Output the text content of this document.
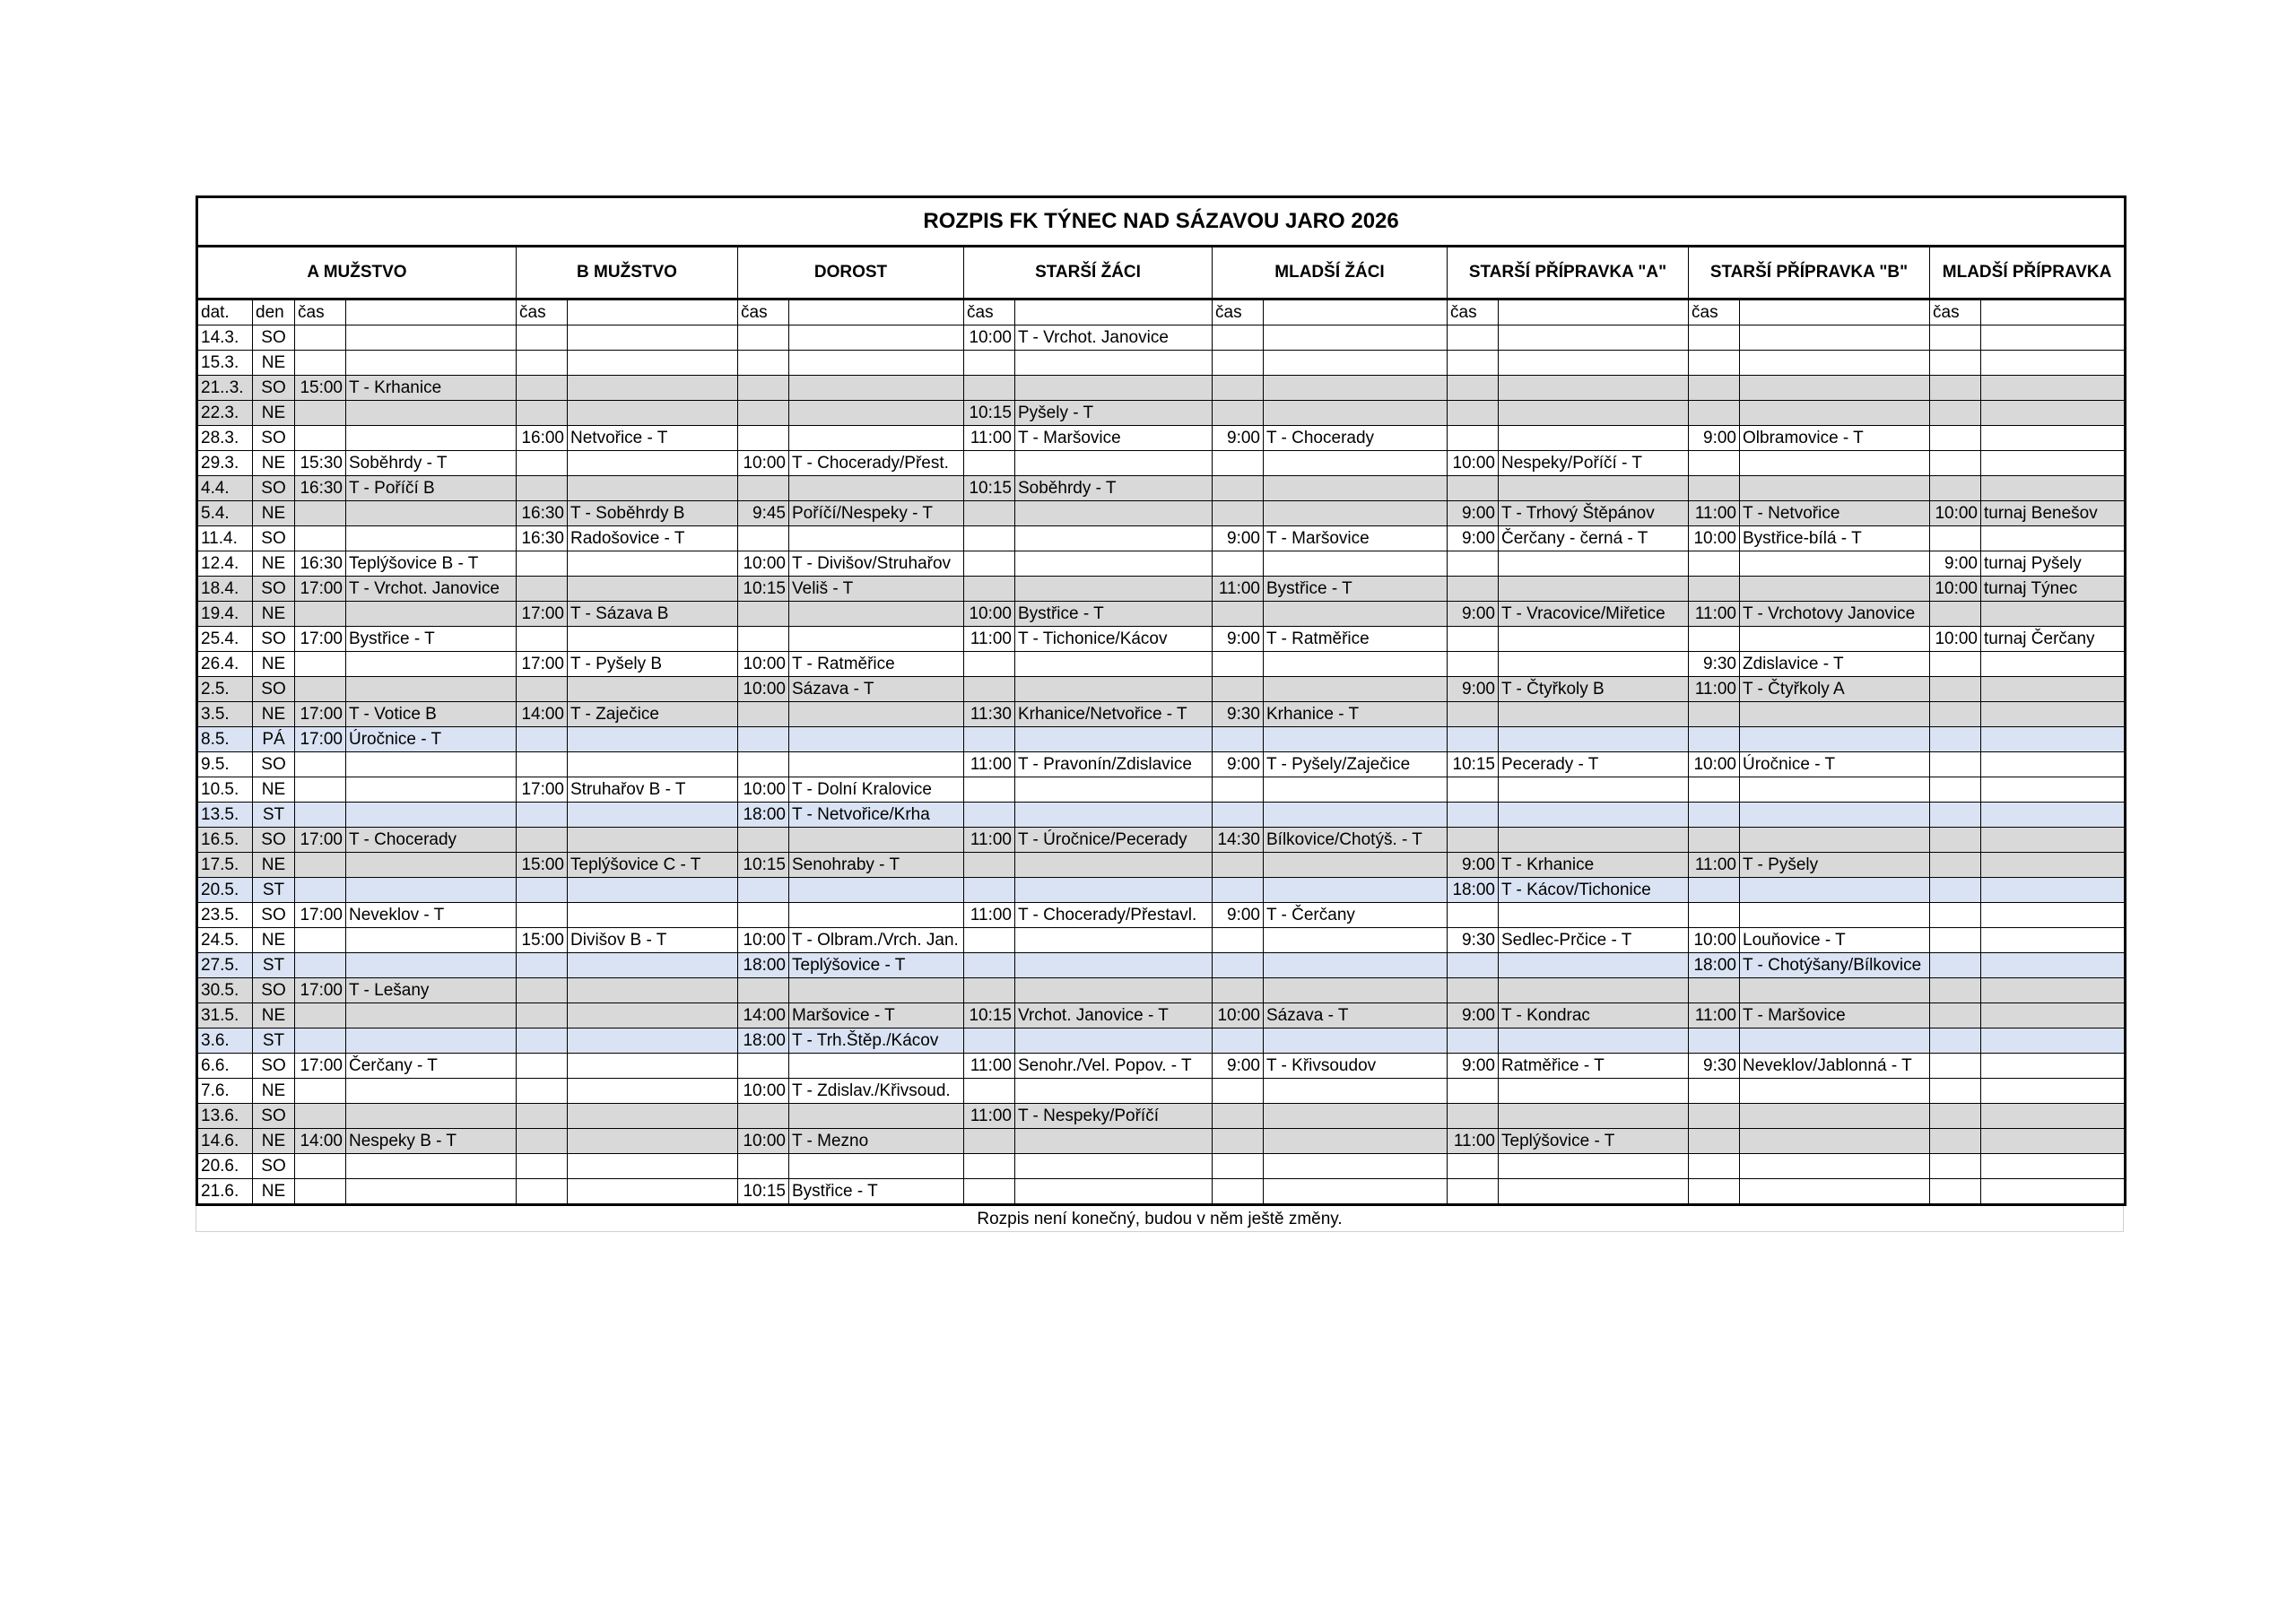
ROZPIS FK TÝNEC NAD SÁZAVOU JARO 2026																	
A MUŽSTVO				B MUŽSTVO		DOROST		STARŠÍ ŽÁCI		MLADŠÍ ŽÁCI		STARŠÍ PŘÍPRAVKA "A"		STARŠÍ PŘÍPRAVKA "B"		MLADŠÍ PŘÍPRAVKA	
dat.	den	čas		čas		čas		čas		čas		čas		čas		čas	
14.3.	SO							10:00	T - Vrchot. Janovice								
15.3.	NE																
21..3.	SO	15:00	T - Krhanice														
22.3.	NE							10:15	Pyšely - T								
28.3.	SO			16:00	Netvořice - T			11:00	T - Maršovice	9:00	T - Chocerady			9:00	Olbramovice - T		
29.3.	NE	15:30	Soběhrdy - T			10:00	T - Chocerady/Přest.					10:00	Nespeky/Poříčí - T				
4.4.	SO	16:30	T - Poříčí B					10:15	Soběhrdy - T								
5.4.	NE			16:30	T - Soběhrdy B	9:45	Poříčí/Nespeky - T					9:00	T - Trhový Štěpánov	11:00	T - Netvořice	10:00	turnaj Benešov
11.4.	SO			16:30	Radošovice - T					9:00	T - Maršovice	9:00	Čerčany - černá - T	10:00	Bystřice-bílá - T		
12.4.	NE	16:30	Teplýšovice B - T			10:00	T - Divišov/Struhařov									9:00	turnaj Pyšely
18.4.	SO	17:00	T - Vrchot. Janovice			10:15	Veliš - T			11:00	Bystřice - T					10:00	turnaj Týnec
19.4.	NE			17:00	T - Sázava B			10:00	Bystřice - T			9:00	T - Vracovice/Miřetice	11:00	T - Vrchotovy Janovice		
25.4.	SO	17:00	Bystřice - T					11:00	T - Tichonice/Kácov	9:00	T - Ratměřice					10:00	turnaj Čerčany
26.4.	NE			17:00	T - Pyšely B	10:00	T - Ratměřice							9:30	Zdislavice - T		
2.5.	SO					10:00	Sázava - T					9:00	T - Čtyřkoly B	11:00	T - Čtyřkoly A		
3.5.	NE	17:00	T - Votice B	14:00	T - Zaječice			11:30	Krhanice/Netvořice - T	9:30	Krhanice - T						
8.5.	PÁ	17:00	Úročnice - T														
9.5.	SO							11:00	T - Pravonín/Zdislavice	9:00	T - Pyšely/Zaječice	10:15	Pecerady - T	10:00	Úročnice - T		
10.5.	NE			17:00	Struhařov B - T	10:00	T - Dolní Kralovice										
13.5.	ST					18:00	T - Netvořice/Krha										
16.5.	SO	17:00	T - Chocerady					11:00	T - Úročnice/Pecerady	14:30	Bílkovice/Chotýš. - T						
17.5.	NE			15:00	Teplýšovice C - T	10:15	Senohraby - T					9:00	T - Krhanice	11:00	T - Pyšely		
20.5.	ST											18:00	T - Kácov/Tichonice				
23.5.	SO	17:00	Neveklov - T					11:00	T - Chocerady/Přestavl.	9:00	T - Čerčany						
24.5.	NE			15:00	Divišov B - T	10:00	T - Olbram./Vrch. Jan.					9:30	Sedlec-Prčice - T	10:00	Louňovice - T		
27.5.	ST					18:00	Teplýšovice - T							18:00	T - Chotýšany/Bílkovice		
30.5.	SO	17:00	T - Lešany														
31.5.	NE					14:00	Maršovice - T	10:15	Vrchot. Janovice - T	10:00	Sázava - T	9:00	T - Kondrac	11:00	T - Maršovice		
3.6.	ST					18:00	T - Trh.Štěp./Kácov										
6.6.	SO	17:00	Čerčany - T					11:00	Senohr./Vel. Popov. - T	9:00	T - Křivsoudov	9:00	Ratměřice - T	9:30	Neveklov/Jablonná - T		
7.6.	NE					10:00	T - Zdislav./Křivsoud.										
13.6.	SO							11:00	T - Nespeky/Poříčí								
14.6.	NE	14:00	Nespeky B - T			10:00	T - Mezno					11:00	Teplýšovice - T				
20.6.	SO																
21.6.	NE					10:15	Bystřice - T										
Rozpis není konečný, budou v něm ještě změny.
